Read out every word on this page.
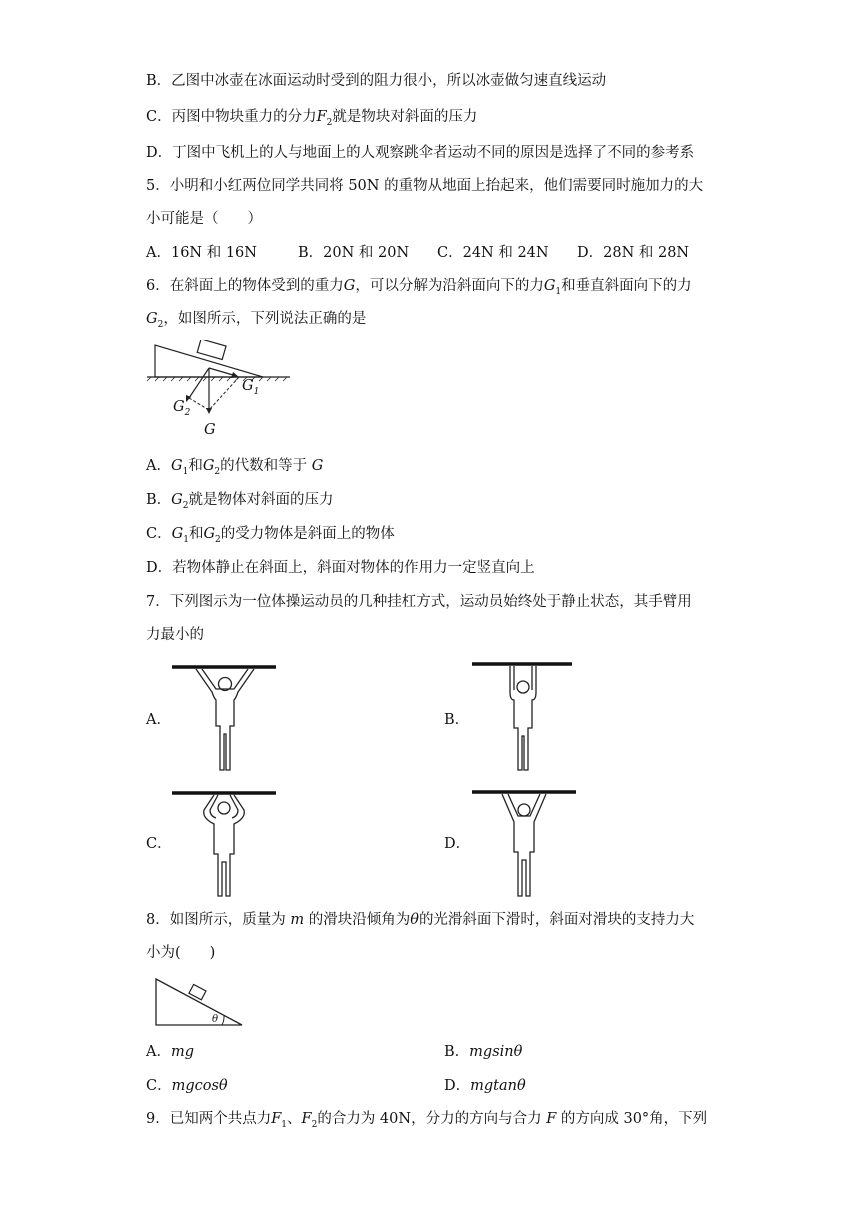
B．乙图中冰壶在冰面运动时受到的阻力很小，所以冰壶做匀速直线运动
C．丙图中物块重力的分力$F_2$就是物块对斜面的压力
D．丁图中飞机上的人与地面上的人观察跳伞者运动不同的原因是选择了不同的参考系
5．小明和小红两位同学共同将 50N 的重物从地面上抬起来，他们需要同时施加力的大
小可能是（　　）
A．16N 和 16N	B．20N 和 20N C．24N 和 24N D．28N 和 28N
6．在斜面上的物体受到的重力G，可以分解为沿斜面向下的力$G_1$和垂直斜面向下的力
$G_2$，如图所示，下列说法正确的是
$G_1$
$G_2$
G
A．$G_1$和$G_2$的代数和等于 G
B．$G_2$就是物体对斜面的压力
C．$G_1$和$G_2$的受力物体是斜面上的物体
D．若物体静止在斜面上，斜面对物体的作用力一定竖直向上
7．下列图示为一位体操运动员的几种挂杠方式，运动员始终处于静止状态，其手臂用
力最小的
A．	B．
C．	D．
8．如图所示，质量为 m 的滑块沿倾角为θ的光滑斜面下滑时，斜面对滑块的支持力大
小为(　　)
θ
A．mg	B．mgsinθ
C．mgcosθ	D．mgtanθ
9．已知两个共点力$F_1$、$F_2$的合力为 40N，分力的方向与合力 F 的方向成 30°角，下列
